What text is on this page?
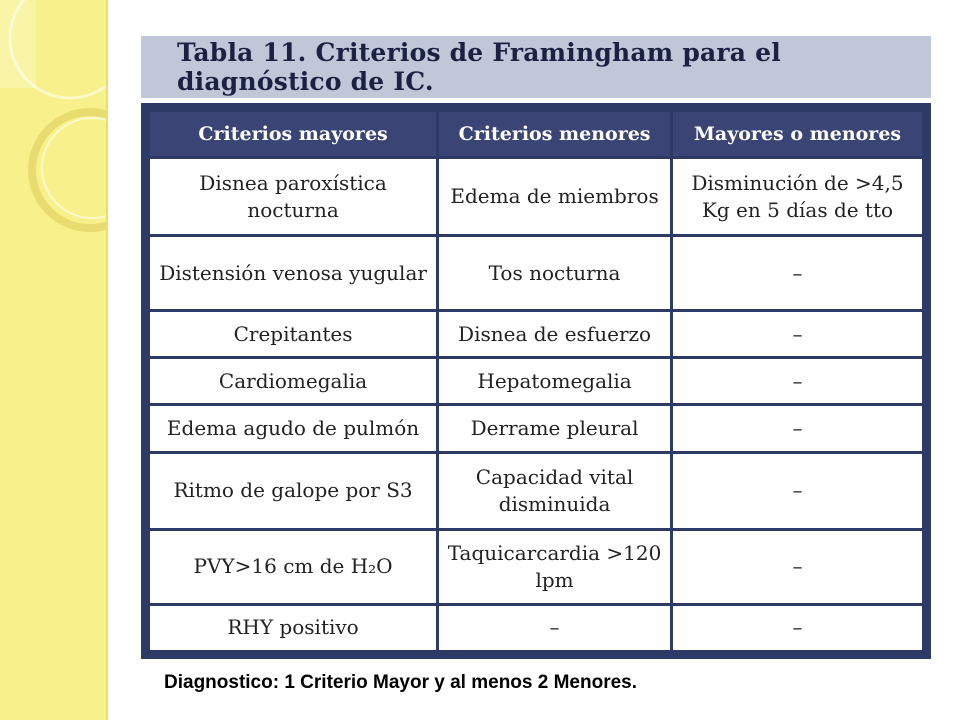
Tabla 11. Criterios de Framingham para el diagnóstico de IC.
Criterios mayores	Criterios menores	Mayores o menores
Disnea paroxística nocturna	Edema de miembros	Disminución de >4,5 Kg en 5 días de tto
Distensión venosa yugular	Tos nocturna	–
Crepitantes	Disnea de esfuerzo	–
Cardiomegalia	Hepatomegalia	–
Edema agudo de pulmón	Derrame pleural	–
Ritmo de galope por S3	Capacidad vital disminuida	–
PVY>16 cm de H₂O	Taquicarcardia >120 lpm	–
RHY positivo	–	–
Diagnostico: 1 Criterio Mayor y al menos 2 Menores.
